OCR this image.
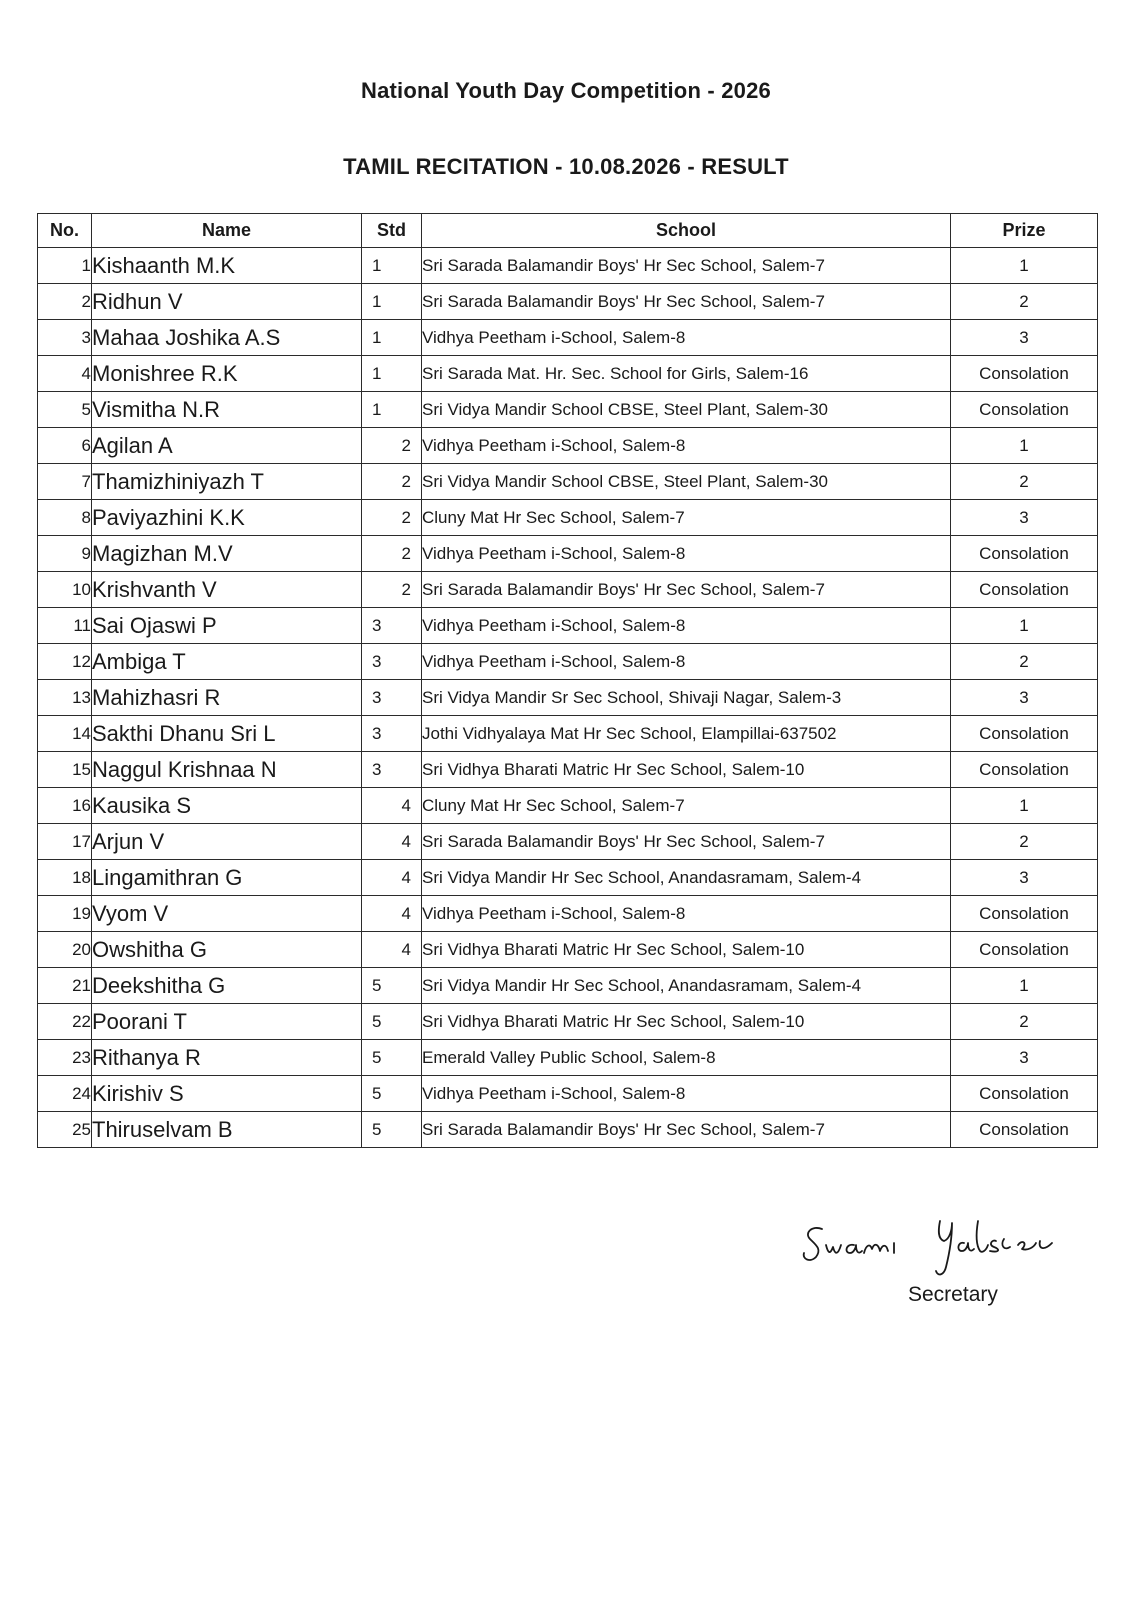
National Youth Day Competition - 2026
TAMIL RECITATION - 10.08.2026 - RESULT
No.	Name	Std	School	Prize
1	Kishaanth M.K	1	Sri Sarada Balamandir Boys' Hr Sec School, Salem-7	1
2	Ridhun V	1	Sri Sarada Balamandir Boys' Hr Sec School, Salem-7	2
3	Mahaa Joshika A.S	1	Vidhya Peetham i-School, Salem-8	3
4	Monishree R.K	1	Sri Sarada Mat. Hr. Sec. School for Girls, Salem-16	Consolation
5	Vismitha N.R	1	Sri Vidya Mandir School CBSE, Steel Plant, Salem-30	Consolation
6	Agilan A	2	Vidhya Peetham i-School, Salem-8	1
7	Thamizhiniyazh T	2	Sri Vidya Mandir School CBSE, Steel Plant, Salem-30	2
8	Paviyazhini K.K	2	Cluny Mat Hr Sec School, Salem-7	3
9	Magizhan M.V	2	Vidhya Peetham i-School, Salem-8	Consolation
10	Krishvanth V	2	Sri Sarada Balamandir Boys' Hr Sec School, Salem-7	Consolation
11	Sai Ojaswi P	3	Vidhya Peetham i-School, Salem-8	1
12	Ambiga T	3	Vidhya Peetham i-School, Salem-8	2
13	Mahizhasri R	3	Sri Vidya Mandir Sr Sec School, Shivaji Nagar, Salem-3	3
14	Sakthi Dhanu Sri L	3	Jothi Vidhyalaya Mat Hr Sec School, Elampillai-637502	Consolation
15	Naggul Krishnaa N	3	Sri Vidhya Bharati Matric Hr Sec School, Salem-10	Consolation
16	Kausika S	4	Cluny Mat Hr Sec School, Salem-7	1
17	Arjun V	4	Sri Sarada Balamandir Boys' Hr Sec School, Salem-7	2
18	Lingamithran G	4	Sri Vidya Mandir Hr Sec School, Anandasramam, Salem-4	3
19	Vyom V	4	Vidhya Peetham i-School, Salem-8	Consolation
20	Owshitha G	4	Sri Vidhya Bharati Matric Hr Sec School, Salem-10	Consolation
21	Deekshitha G	5	Sri Vidya Mandir Hr Sec School, Anandasramam, Salem-4	1
22	Poorani T	5	Sri Vidhya Bharati Matric Hr Sec School, Salem-10	2
23	Rithanya R	5	Emerald Valley Public School, Salem-8	3
24	Kirishiv S	5	Vidhya Peetham i-School, Salem-8	Consolation
25	Thiruselvam B	5	Sri Sarada Balamandir Boys' Hr Sec School, Salem-7	Consolation
Secretary
